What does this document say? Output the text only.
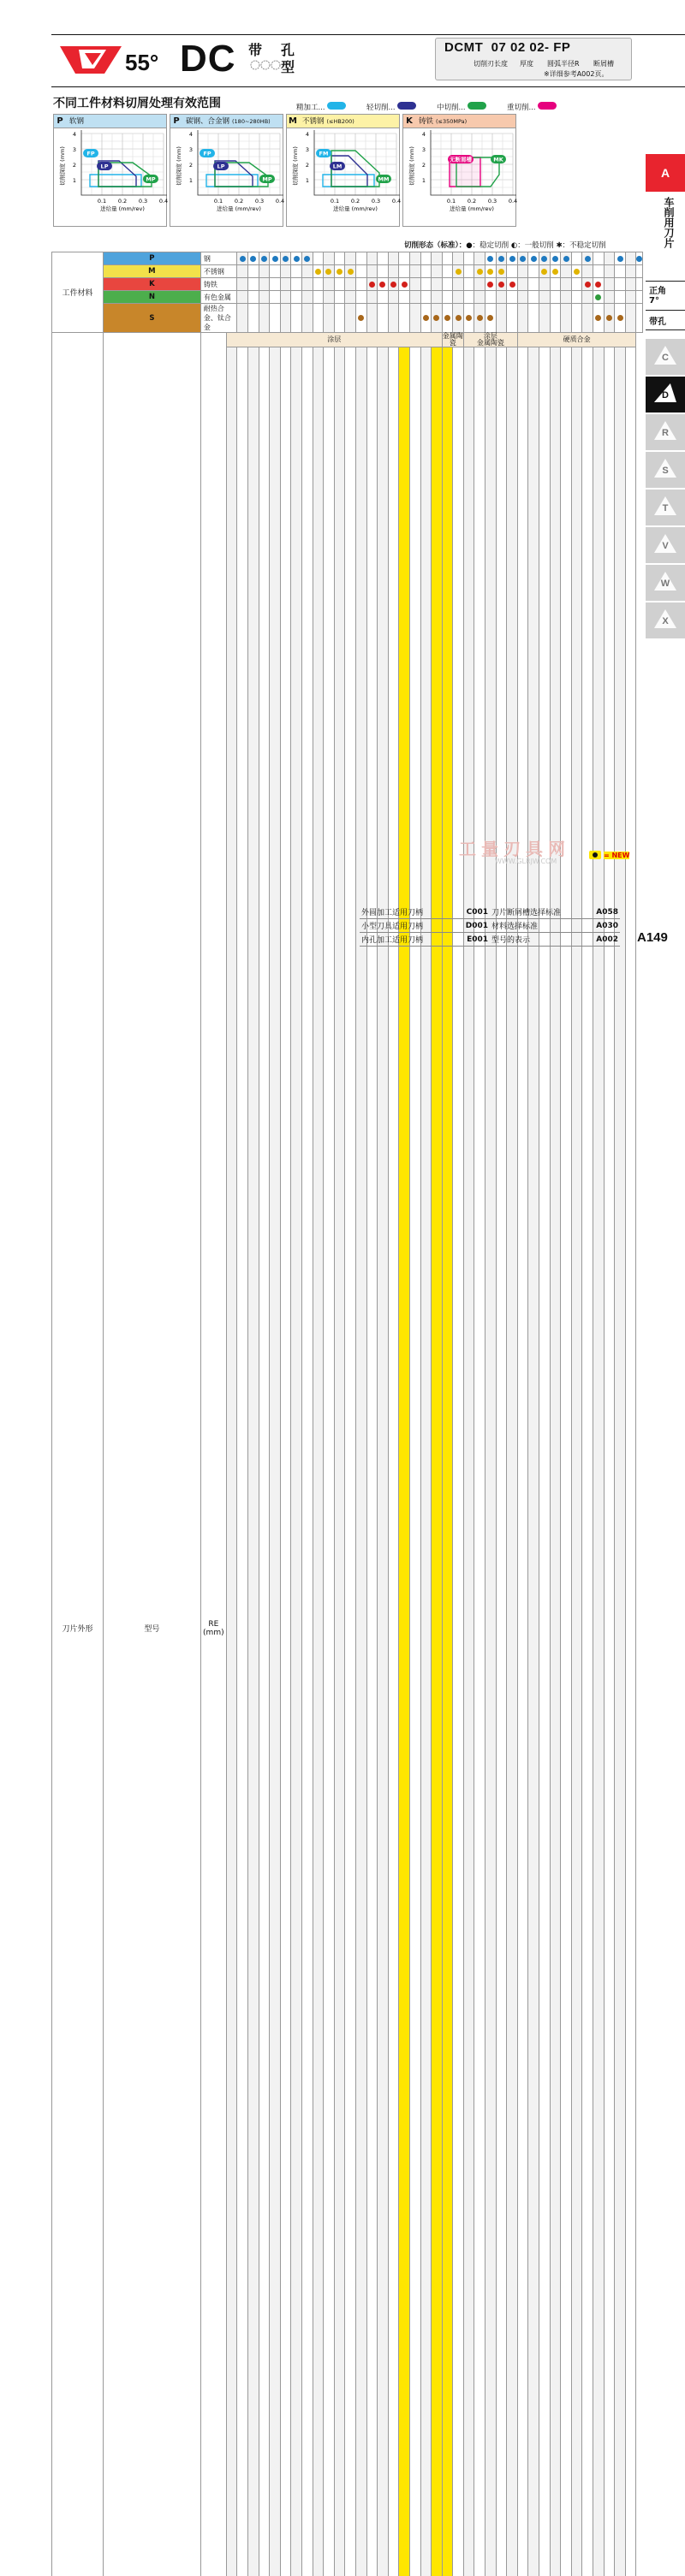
55° DC 带 孔
型
DCMT  07 02 02- FP
切削刃长度 厚度 圆弧半径R 断屑槽
※详细参考A002页。
不同工件材料切屑处理有效范围	精加工…	轻切削…	中切削…	重切削…
P 软钢
1
2
3
4
0.1 0.2 0.3 0.4
进给量 (mm/rev)
切削深度 (mm)	FP
LP
MP
P 碳钢、合金钢 (180~280HB)
1
2
3
4
0.1 0.2 0.3 0.4
进给量 (mm/rev)
切削深度 (mm)	FP
LP
MP
M 不锈钢 (≤HB200)
1
2
3
4
0.1 0.2 0.3 0.4
进给量 (mm/rev)
切削深度 (mm)	FM
LM
MM
K 铸铁 (≤350MPa)
1
2
3
4
0.1 0.2 0.3 0.4
进给量 (mm/rev)
切削深度 (mm)	无断屑槽	MK
切削形态（标准）：●：稳定切削 ◐：一般切削 ✱：不稳定切削
工件材料	P	钢		

	M	不锈钢									

	K	铸铁														

	N	有色金属																																			

	S	耐热合金、钛合金													

刀片外形	型号	RE
(mm)	涂层																				金属陶瓷		涂层
金属陶瓷					硬质合金											

= NEW
工量刃具网
WWW.GLRJW.COM
A
车削用刀片
正角
7°
带孔
C
D
R
S
T
V
W
X
外圆加工适用刀柄	C001	刀片断屑槽选择标准	A058
小型刀具适用刀柄	D001	材料选择标准	A030
内孔加工适用刀柄	E001	型号的表示	A002 A149
